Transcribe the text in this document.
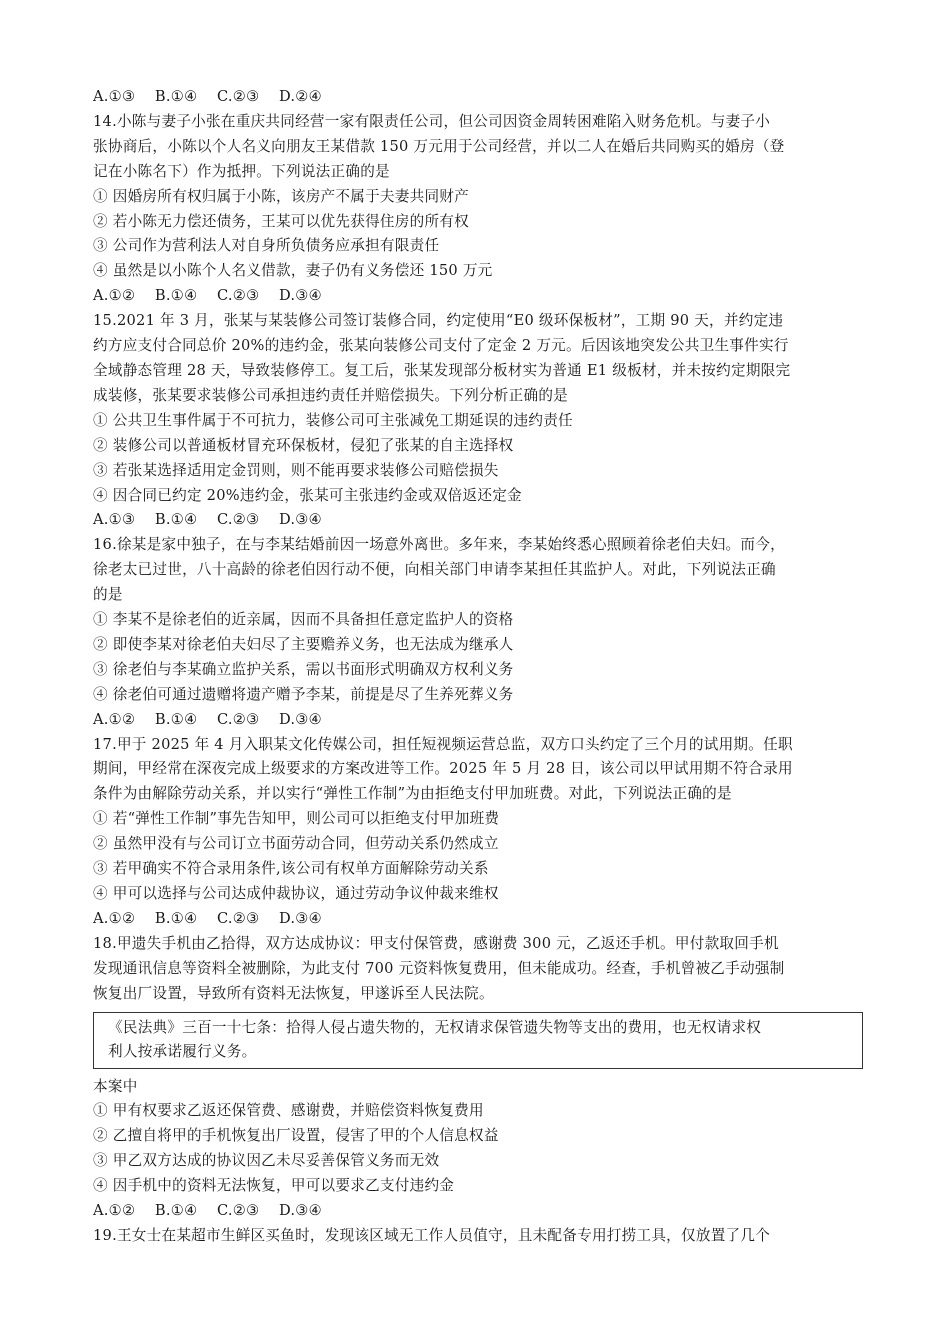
A.①③    B.①④    C.②③    D.②④
14.小陈与妻子小张在重庆共同经营一家有限责任公司，但公司因资金周转困难陷入财务危机。与妻子小
张协商后，小陈以个人名义向朋友王某借款 150 万元用于公司经营，并以二人在婚后共同购买的婚房（登
记在小陈名下）作为抵押。下列说法正确的是
① 因婚房所有权归属于小陈，该房产不属于夫妻共同财产
② 若小陈无力偿还债务，王某可以优先获得住房的所有权
③ 公司作为营利法人对自身所负债务应承担有限责任
④ 虽然是以小陈个人名义借款，妻子仍有义务偿还 150 万元
A.①②    B.①④    C.②③    D.③④
15.2021 年 3 月，张某与某装修公司签订装修合同，约定使用“E0 级环保板材”，工期 90 天，并约定违
约方应支付合同总价 20%的违约金，张某向装修公司支付了定金 2 万元。后因该地突发公共卫生事件实行
全域静态管理 28 天，导致装修停工。复工后，张某发现部分板材实为普通 E1 级板材，并未按约定期限完
成装修，张某要求装修公司承担违约责任并赔偿损失。下列分析正确的是
① 公共卫生事件属于不可抗力，装修公司可主张减免工期延误的违约责任
② 装修公司以普通板材冒充环保板材，侵犯了张某的自主选择权
③ 若张某选择适用定金罚则，则不能再要求装修公司赔偿损失
④ 因合同已约定 20%违约金，张某可主张违约金或双倍返还定金
A.①③    B.①④    C.②③    D.③④
16.徐某是家中独子，在与李某结婚前因一场意外离世。多年来，李某始终悉心照顾着徐老伯夫妇。而今，
徐老太已过世，八十高龄的徐老伯因行动不便，向相关部门申请李某担任其监护人。对此，下列说法正确
的是
① 李某不是徐老伯的近亲属，因而不具备担任意定监护人的资格
② 即使李某对徐老伯夫妇尽了主要赡养义务，也无法成为继承人
③ 徐老伯与李某确立监护关系，需以书面形式明确双方权利义务
④ 徐老伯可通过遗赠将遗产赠予李某，前提是尽了生养死葬义务
A.①②    B.①④    C.②③    D.③④
17.甲于 2025 年 4 月入职某文化传媒公司，担任短视频运营总监，双方口头约定了三个月的试用期。任职
期间，甲经常在深夜完成上级要求的方案改进等工作。2025 年 5 月 28 日，该公司以甲试用期不符合录用
条件为由解除劳动关系，并以实行“弹性工作制”为由拒绝支付甲加班费。对此，下列说法正确的是
① 若“弹性工作制”事先告知甲，则公司可以拒绝支付甲加班费
② 虽然甲没有与公司订立书面劳动合同，但劳动关系仍然成立
③ 若甲确实不符合录用条件,该公司有权单方面解除劳动关系
④ 甲可以选择与公司达成仲裁协议，通过劳动争议仲裁来维权
A.①②    B.①④    C.②③    D.③④
18.甲遗失手机由乙拾得，双方达成协议：甲支付保管费，感谢费 300 元，乙返还手机。甲付款取回手机
发现通讯信息等资料全被删除，为此支付 700 元资料恢复费用，但未能成功。经查，手机曾被乙手动强制
恢复出厂设置，导致所有资料无法恢复，甲遂诉至人民法院。
《民法典》三百一十七条：拾得人侵占遗失物的，无权请求保管遗失物等支出的费用，也无权请求权
利人按承诺履行义务。
本案中
① 甲有权要求乙返还保管费、感谢费，并赔偿资料恢复费用
② 乙擅自将甲的手机恢复出厂设置，侵害了甲的个人信息权益
③ 甲乙双方达成的协议因乙未尽妥善保管义务而无效
④ 因手机中的资料无法恢复，甲可以要求乙支付违约金
A.①②    B.①④    C.②③    D.③④
19.王女士在某超市生鲜区买鱼时，发现该区域无工作人员值守，且未配备专用打捞工具，仅放置了几个
